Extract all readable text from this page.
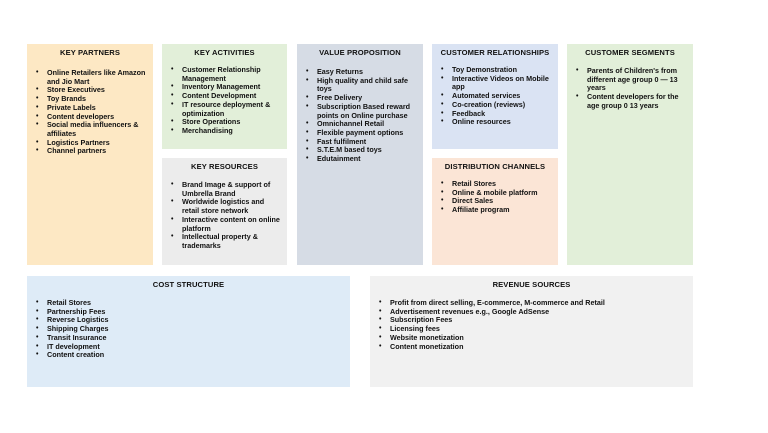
KEY PARTNERS
• Online Retailers like Amazon and Jio Mart
• Store Executives
• Toy Brands
• Private Labels
• Content developers
• Social media influencers & affiliates
• Logistics Partners
• Channel partners
KEY ACTIVITIES
• Customer Relationship Management
• Inventory Management
• Content Development
• IT resource deployment & optimization
• Store Operations
• Merchandising
KEY RESOURCES
• Brand Image & support of Umbrella Brand
• Worldwide logistics and retail store network
• Interactive content on online platform
• Intellectual property & trademarks
VALUE PROPOSITION
• Easy Returns
• High quality and child safe toys
• Free Delivery
• Subscription Based reward points on Online purchase
• Omnichannel Retail
• Flexible payment options
• Fast fulfilment
• S.T.E.M based toys
• Edutainment
CUSTOMER RELATIONSHIPS
• Toy Demonstration
• Interactive Videos on Mobile app
• Automated services
• Co-creation (reviews)
• Feedback
• Online resources
DISTRIBUTION CHANNELS
• Retail Stores
• Online & mobile platform
• Direct Sales
• Affiliate program
CUSTOMER SEGMENTS
• Parents of Children's from different age group 0 — 13 years
• Content developers for the age group 0 13 years
COST STRUCTURE
• Retail Stores
• Partnership Fees
• Reverse Logistics
• Shipping Charges
• Transit Insurance
• IT development
• Content creation
REVENUE SOURCES
• Profit from direct selling, E-commerce, M-commerce and Retail
• Advertisement revenues e.g., Google AdSense
• Subscription Fees
• Licensing fees
• Website monetization
• Content monetization
